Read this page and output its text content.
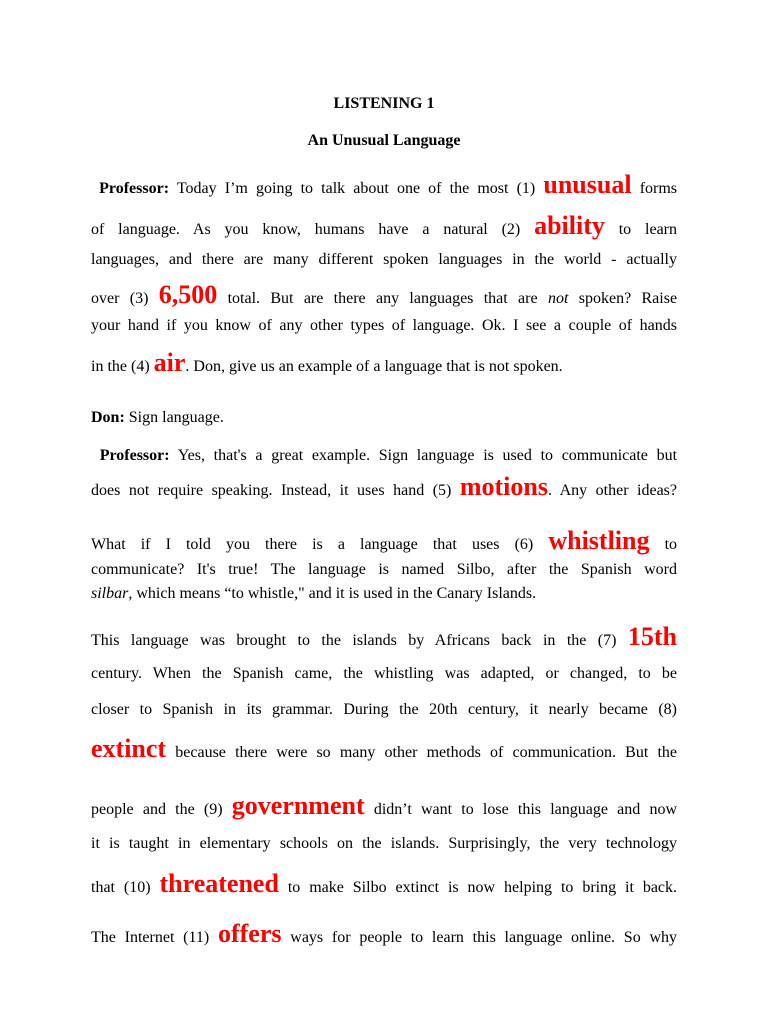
LISTENING 1

An Unusual Language

Professor: Today I’m going to talk about one of the most (1) unusual forms
of language. As you know, humans have a natural (2) ability to learn
languages, and there are many different spoken languages in the world - actually
over (3) 6,500 total. But are there any languages that are not spoken? Raise
your hand if you know of any other types of language. Ok. I see a couple of hands
in the (4) air. Don, give us an example of a language that is not spoken.
Don: Sign language.
Professor: Yes, that's a great example. Sign language is used to communicate but
does not require speaking. Instead, it uses hand (5) motions. Any other ideas?
What if I told you there is a language that uses (6) whistling to
communicate? It's true! The language is named Silbo, after the Spanish word
silbar, which means “to whistle," and it is used in the Canary Islands.
This language was brought to the islands by Africans back in the (7) 15th
century. When the Spanish came, the whistling was adapted, or changed, to be
closer to Spanish in its grammar. During the 20th century, it nearly became (8)
extinct because there were so many other methods of communication. But the
people and the (9) government didn’t want to lose this language and now
it is taught in elementary schools on the islands. Surprisingly, the very technology
that (10) threatened to make Silbo extinct is now helping to bring it back.
The Internet (11) offers ways for people to learn this language online. So why
